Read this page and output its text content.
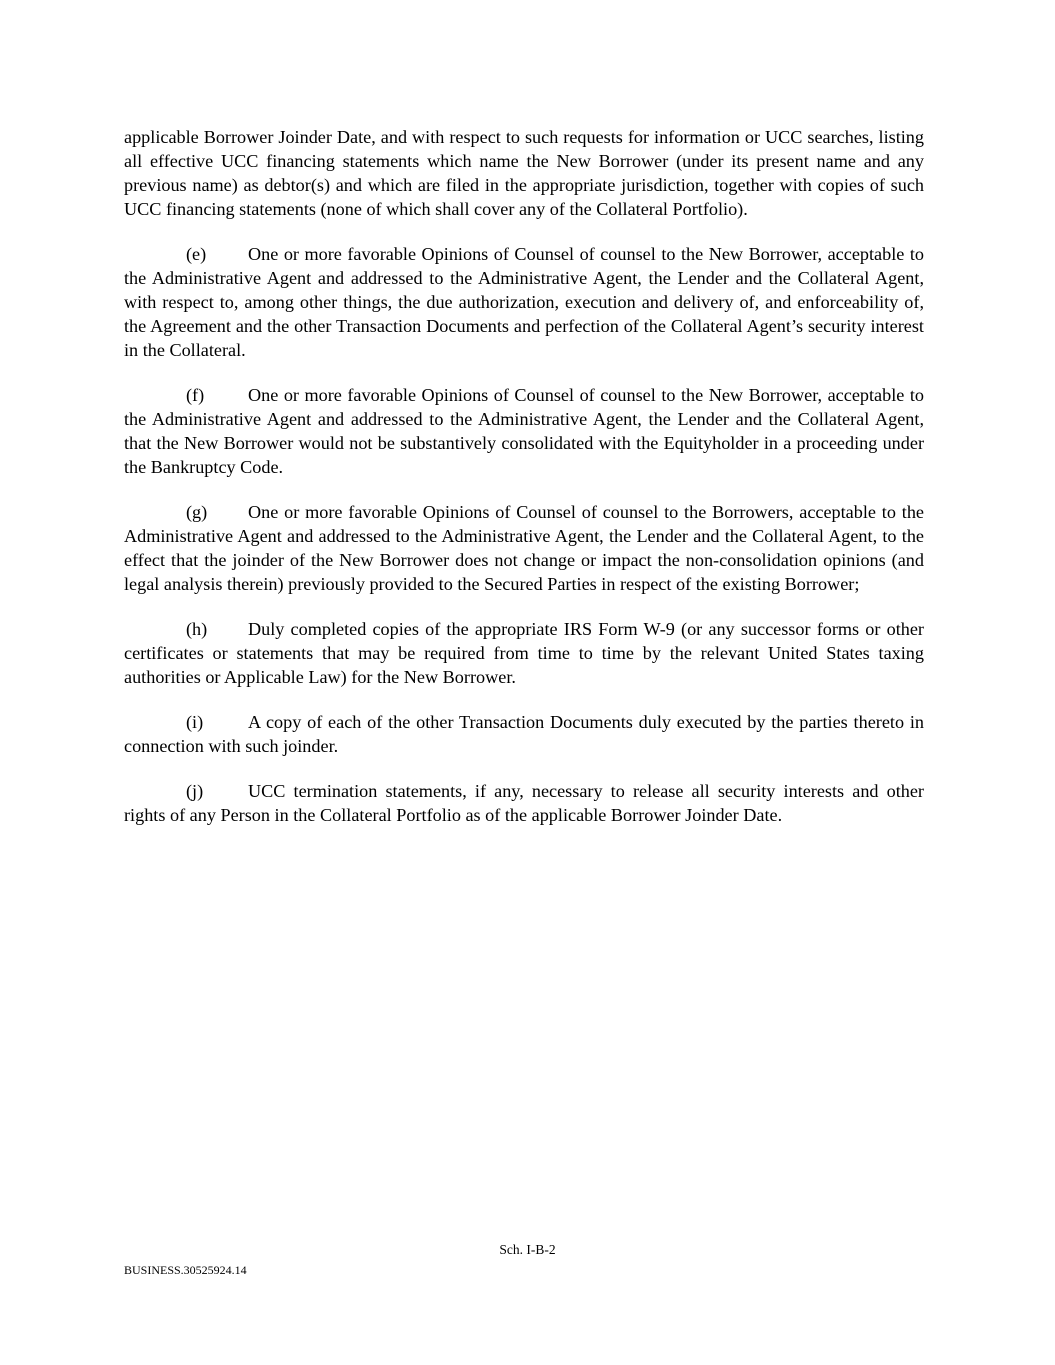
applicable Borrower Joinder Date, and with respect to such requests for information or UCC searches, listing all effective UCC financing statements which name the New Borrower (under its present name and any previous name) as debtor(s) and which are filed in the appropriate jurisdiction, together with copies of such UCC financing statements (none of which shall cover any of the Collateral Portfolio).

(e) One or more favorable Opinions of Counsel of counsel to the New Borrower, acceptable to the Administrative Agent and addressed to the Administrative Agent, the Lender and the Collateral Agent, with respect to, among other things, the due authorization, execution and delivery of, and enforceability of, the Agreement and the other Transaction Documents and perfection of the Collateral Agent’s security interest in the Collateral.

(f) One or more favorable Opinions of Counsel of counsel to the New Borrower, acceptable to the Administrative Agent and addressed to the Administrative Agent, the Lender and the Collateral Agent, that the New Borrower would not be substantively consolidated with the Equityholder in a proceeding under the Bankruptcy Code.

(g) One or more favorable Opinions of Counsel of counsel to the Borrowers, acceptable to the Administrative Agent and addressed to the Administrative Agent, the Lender and the Collateral Agent, to the effect that the joinder of the New Borrower does not change or impact the non-consolidation opinions (and legal analysis therein) previously provided to the Secured Parties in respect of the existing Borrower;

(h) Duly completed copies of the appropriate IRS Form W-9 (or any successor forms or other certificates or statements that may be required from time to time by the relevant United States taxing authorities or Applicable Law) for the New Borrower.

(i) A copy of each of the other Transaction Documents duly executed by the parties thereto in connection with such joinder.

(j) UCC termination statements, if any, necessary to release all security interests and other rights of any Person in the Collateral Portfolio as of the applicable Borrower Joinder Date.

Sch. I-B-2
BUSINESS.30525924.14
